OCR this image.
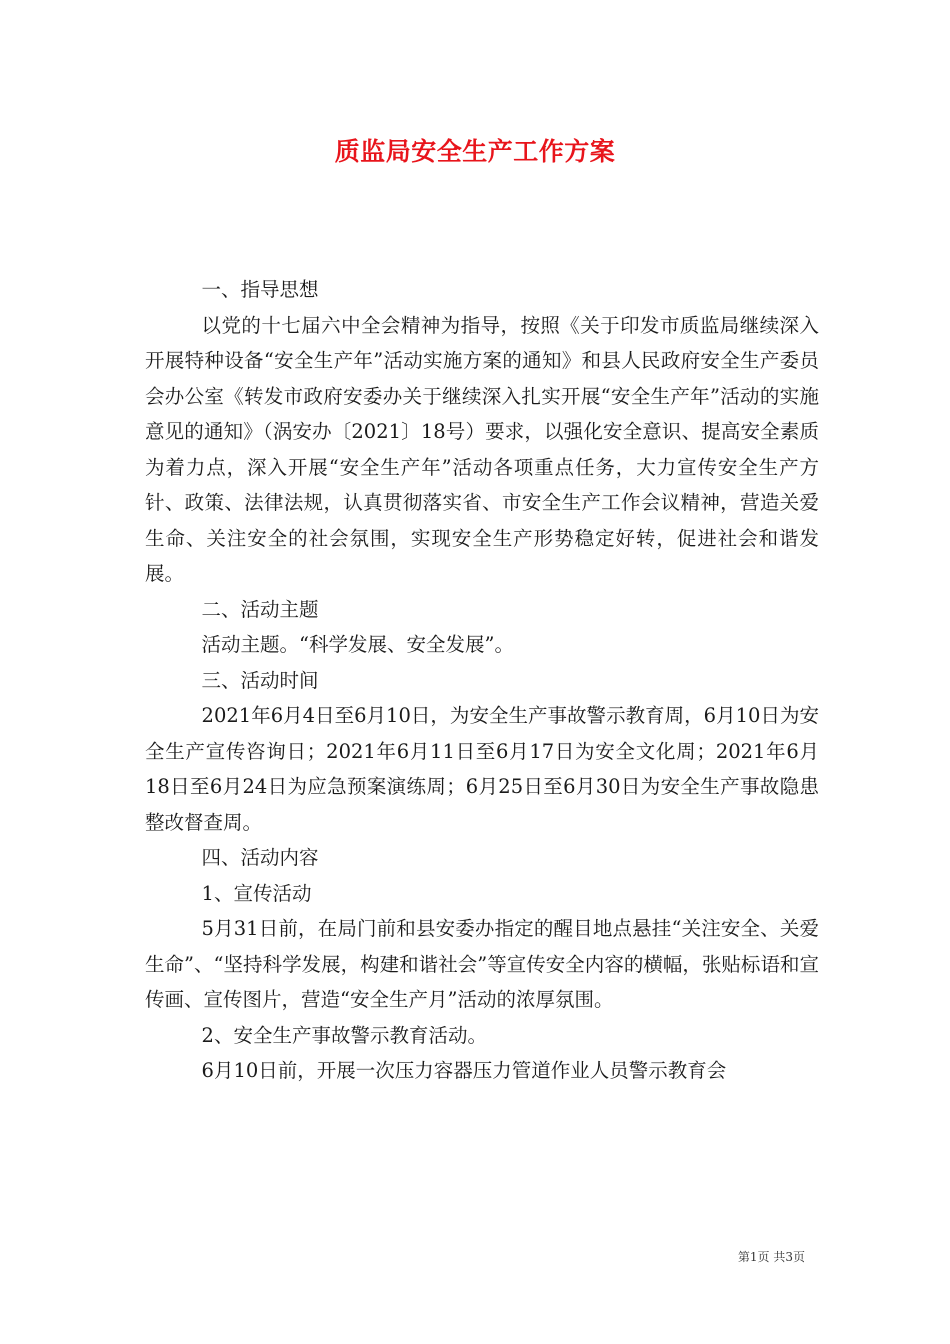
质监局安全生产工作方案

一、指导思想

以党的十七届六中全会精神为指导，按照《关于印发市质监局继续深入开展特种设备“安全生产年”活动实施方案的通知》和县人民政府安全生产委员会办公室《转发市政府安委办关于继续深入扎实开展“安全生产年”活动的实施意见的通知》（涡安办〔2021〕18号）要求，以强化安全意识、提高安全素质为着力点，深入开展“安全生产年”活动各项重点任务，大力宣传安全生产方针、政策、法律法规，认真贯彻落实省、市安全生产工作会议精神，营造关爱生命、关注安全的社会氛围，实现安全生产形势稳定好转，促进社会和谐发展。

二、活动主题

活动主题。“科学发展、安全发展”。

三、活动时间

2021年6月4日至6月10日，为安全生产事故警示教育周，6月10日为安全生产宣传咨询日；2021年6月11日至6月17日为安全文化周；2021年6月18日至6月24日为应急预案演练周；6月25日至6月30日为安全生产事故隐患整改督查周。

四、活动内容

1、宣传活动

5月31日前，在局门前和县安委办指定的醒目地点悬挂“关注安全、关爱生命”、“坚持科学发展，构建和谐社会”等宣传安全内容的横幅，张贴标语和宣传画、宣传图片，营造“安全生产月”活动的浓厚氛围。

2、安全生产事故警示教育活动。

6月10日前，开展一次压力容器压力管道作业人员警示教育会

第1页 共3页
